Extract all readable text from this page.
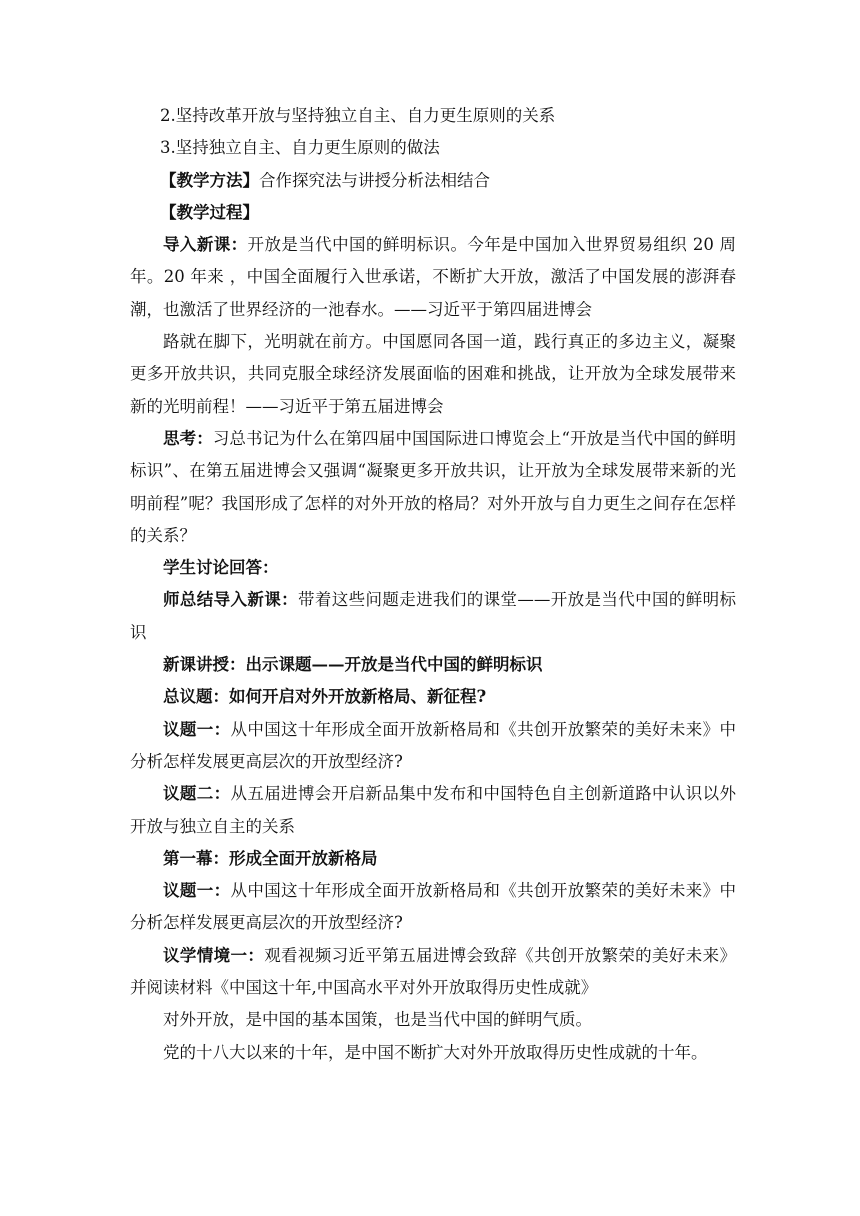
2.坚持改革开放与坚持独立自主、自力更生原则的关系

3.坚持独立自主、自力更生原则的做法

【教学方法】合作探究法与讲授分析法相结合

【教学过程】

导入新课：开放是当代中国的鲜明标识。今年是中国加入世界贸易组织 20 周年。20 年来 ，中国全面履行入世承诺，不断扩大开放，激活了中国发展的澎湃春潮，也激活了世界经济的一池春水。——习近平于第四届进博会

路就在脚下，光明就在前方。中国愿同各国一道，践行真正的多边主义，凝聚更多开放共识，共同克服全球经济发展面临的困难和挑战，让开放为全球发展带来新的光明前程！——习近平于第五届进博会

思考：习总书记为什么在第四届中国国际进口博览会上“开放是当代中国的鲜明标识”、在第五届进博会又强调“凝聚更多开放共识，让开放为全球发展带来新的光明前程”呢？我国形成了怎样的对外开放的格局？对外开放与自力更生之间存在怎样的关系？

学生讨论回答：

师总结导入新课：带着这些问题走进我们的课堂——开放是当代中国的鲜明标识

新课讲授：出示课题——开放是当代中国的鲜明标识

总议题：如何开启对外开放新格局、新征程?

议题一：从中国这十年形成全面开放新格局和《共创开放繁荣的美好未来》中分析怎样发展更高层次的开放型经济?

议题二：从五届进博会开启新品集中发布和中国特色自主创新道路中认识以外开放与独立自主的关系

第一幕：形成全面开放新格局

议题一：从中国这十年形成全面开放新格局和《共创开放繁荣的美好未来》中分析怎样发展更高层次的开放型经济?

议学情境一：观看视频习近平第五届进博会致辞《共创开放繁荣的美好未来》并阅读材料《中国这十年,中国高水平对外开放取得历史性成就》

对外开放，是中国的基本国策，也是当代中国的鲜明气质。

党的十八大以来的十年，是中国不断扩大对外开放取得历史性成就的十年。
